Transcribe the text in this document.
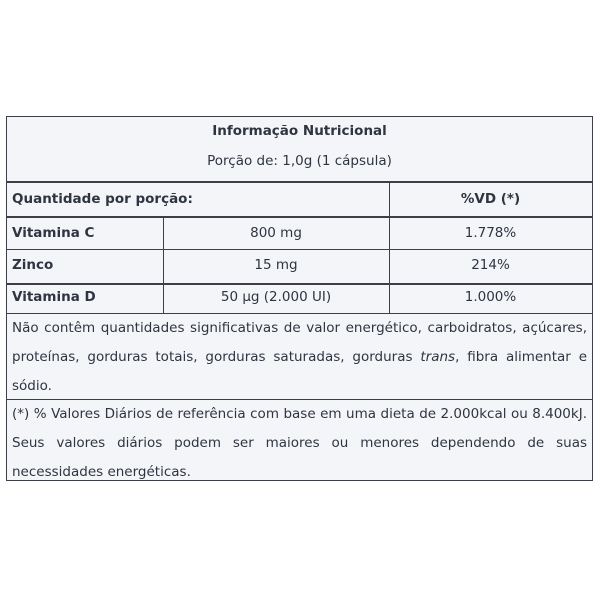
Informação Nutricional
Porção de: 1,0g (1 cápsula)
Quantidade por porção:	%VD (*)
Vitamina C	800 mg	1.778%
Zinco	15 mg	214%
Vitamina D	50 µg (2.000 UI)	1.000%
Não contêm quantidades significativas de valor energético, carboidratos, açúcares, proteínas, gorduras totais, gorduras saturadas, gorduras trans, fibra alimentar e sódio.
(*) % Valores Diários de referência com base em uma dieta de 2.000kcal ou 8.400kJ. Seus valores diários podem ser maiores ou menores dependendo de suas necessidades energéticas.
